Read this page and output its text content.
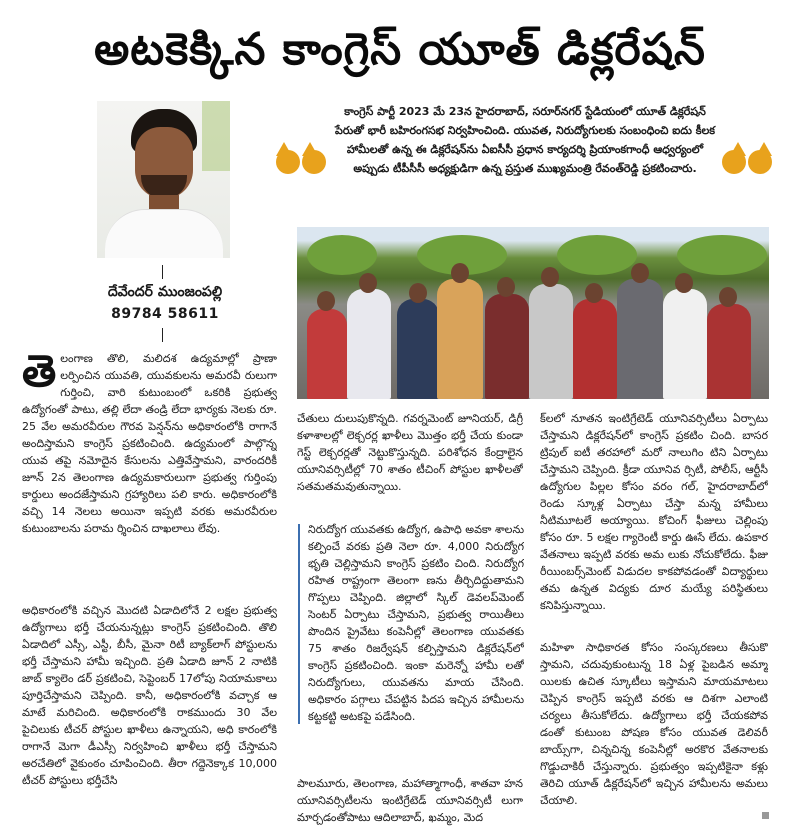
అటకెక్కిన కాంగ్రెస్ యూత్ డిక్లరేషన్
దేవేందర్ ముంజంపల్లి
89784 58611
కాంగ్రెస్ పార్టీ 2023 మే 23న హైదరాబాద్, సరూర్‌నగర్ స్టేడియంలో యూత్ డిక్లరేషన్ పేరుతో భారీ బహిరంగసభ నిర్వహించింది. యువత, నిరుద్యోగులకు సంబంధించి ఐదు కీలక హామీలతో ఉన్న ఈ డిక్లరేషన్‌ను ఏఐసీసీ ప్రధాన కార్యదర్శి ప్రియాంకగాంధీ ఆధ్వర్యంలో అప్పుడు టీపీసీసీ అధ్యక్షుడిగా ఉన్న ప్రస్తుత ముఖ్యమంత్రి రేవంత్‌రెడ్డి ప్రకటించారు.
తె లంగాణ తొలి, మలిదశ ఉద్యమాల్లో ప్రాణా లర్పించిన యువతి, యువకులను అమరవీ రులుగా గుర్తించి, వారి కుటుంబంలో ఒకరికి ప్రభుత్వ ఉద్యోగంతో పాటు, తల్లి లేదా తండ్రి లేదా భార్యకు నెలకు రూ. 25 వేల అమరవీరుల గౌరవ పెన్షన్‌ను అధికారంలోకి రాగానే అందిస్తామని కాంగ్రెస్ ప్రకటించింది. ఉద్యమంలో పాల్గొన్న యువ తపై నమోదైన కేసులను ఎత్తివేస్తామని, వారందరికీ జూన్ 2న తెలంగాణ ఉద్యమకారులుగా ప్రభుత్వ గుర్తింపు కార్డులు అందజేస్తామని గ్రహ్యారిలు పలి కారు. అధికారంలోకి వచ్చి 14 నెలలు అయినా ఇప్పటి వరకు అమరవీరుల కుటుంబాలను పరామ ర్శించిన దాఖలాలు లేవు.
అధికారంలోకి వచ్చిన మొదటి ఏడాదిలోనే 2 లక్షల ప్రభుత్వ ఉద్యోగాలు భర్తీ చేయనున్నట్లు కాంగ్రెస్ ప్రకటించింది. తొలి ఏడాదిలో ఎస్సీ, ఎస్టీ, బీసీ, మైనా రిటీ బ్యాక్‌లాగ్ పోస్టులను భర్తీ చేస్తామని హామీ ఇచ్చింది. ప్రతి ఏడాది జూన్ 2 నాటికి జాబ్ క్యాలెం డర్ ప్రకటించి, సెప్టెంబర్ 17లోపు నియామకాలు పూర్తిచేస్తామని చెప్పింది. కానీ, అధికారంలోకి వచ్చాక ఆ మాటే మరిచింది. అధికారంలోకి రాకముందు 30 వేల పైచిలుకు టీచర్ పోస్టుల ఖాళీలు ఉన్నాయని, అధి కారంలోకి రాగానే మెగా డీఎస్సీ నిర్వహించి ఖాళీలు భర్తీ చేస్తామని అరచేతిలో వైకుంఠం చూపించింది. తీరా గద్దెనెక్కాక 10,000 టీచర్ పోస్టులు భర్తీచేసి
చేతులు దులుపుకొన్నది. గవర్నమెంట్ జూనియర్, డిగ్రీ కళాశాలల్లో లెక్చరర్ల ఖాళీలు మొత్తం భర్తీ చేయ కుండా గెస్ట్ లెక్చరర్లతో నెట్టుకొస్తున్నది. పరిశోధన కేంద్రాలైన యూనివర్సిటీల్లో 70 శాతం టీచింగ్ పోస్టుల ఖాళీలతో సతమతమవుతున్నాయి.
నిరుద్యోగ యువతకు ఉద్యోగ, ఉపాధి అవకా శాలను కల్పించే వరకు ప్రతి నెలా రూ. 4,000 నిరుద్యోగ భృతి చెల్లిస్తామని కాంగ్రెస్ ప్రకటిం చింది. నిరుద్యోగ రహిత రాష్ట్రంగా తెలంగా ణను తీర్చిదిద్దుతామని గొప్పలు చెప్పింది. జిల్లాలో స్కిల్ డెవలప్‌మెంట్ సెంటర్ ఏర్పాటు చేస్తామని, ప్రభుత్వ రాయితీలు పొందిన ప్రైవేటు కంపెనీల్లో తెలంగాణ యువతకు 75 శాతం రిజర్వేషన్ కల్పిస్తామని డిక్లరేషన్‌లో కాంగ్రెస్ ప్రకటించింది. ఇంకా మరెన్నో హామీ లతో నిరుద్యోగులు, యువతను మాయ చేసింది. అధికారం పగ్గాలు చేపట్టిన పిదప ఇచ్చిన హామీలను కట్టకట్టి అటకపై పడేసింది.
పాలమూరు, తెలంగాణ, మహాత్మాగాంధీ, శాతవా హన యూనివర్సిటీలను ఇంటిగ్రేటెడ్ యూనివర్సిటీ లుగా మార్చడంతోపాటు ఆదిలాబాద్, ఖమ్మం, మెద
క్‌లలో నూతన ఇంటిగ్రేటెడ్ యూనివర్సిటీలు ఏర్పాటు చేస్తామని డిక్లరేషన్‌లో కాంగ్రెస్ ప్రకటిం చింది. బాసర ట్రిపుల్ ఐటీ తరహాలో మరో నాలుగిం టిని ఏర్పాటు చేస్తామని చెప్పింది. క్రీడా యూనివ ర్సిటీ, పోలీస్, ఆర్టీసీ ఉద్యోగుల పిల్లల కోసం వరం గల్, హైదరాబాద్‌లో రెండు స్కూళ్ల ఏర్పాటు చేస్తా మన్న హామీలు నీటిమూటలే అయ్యాయి. కోచింగ్ ఫీజులు చెల్లింపు కోసం రూ. 5 లక్షల గ్యారెంటీ కార్డు ఊసే లేదు. ఉపకార వేతనాలు ఇప్పటి వరకు అమ లుకు నోచుకోలేదు. ఫీజు రీయింబర్స్‌మెంట్ విడుదల కాకపోవడంతో విద్యార్థులు తమ ఉన్నత విద్యకు దూర మయ్యే పరిస్థితులు కనిపిస్తున్నాయి.
మహిళా సాధికారత కోసం సంస్కరణలు తీసుకొ స్తామని, చదువుకుంటున్న 18 ఏళ్ల పైబడిన అమ్మా యిలకు ఉచిత స్కూటీలు ఇస్తామని మాయమాటలు చెప్పిన కాంగ్రెస్ ఇప్పటి వరకు ఆ దిశగా ఎలాంటి చర్యలు తీసుకోలేదు. ఉద్యోగాలు భర్తీ చేయకపోవ డంతో కుటుంబ పోషణ కోసం యువత డెలివరీ బాయ్స్‌గా, చిన్నచిన్న కంపెనీల్లో అరకొర వేతనాలకు గొడ్డుచాకిరీ చేస్తున్నారు. ప్రభుత్వం ఇప్పటికైనా కళ్లు తెరిచి యూత్ డిక్లరేషన్‌లో ఇచ్చిన హామీలను అమలు చేయాలి.
